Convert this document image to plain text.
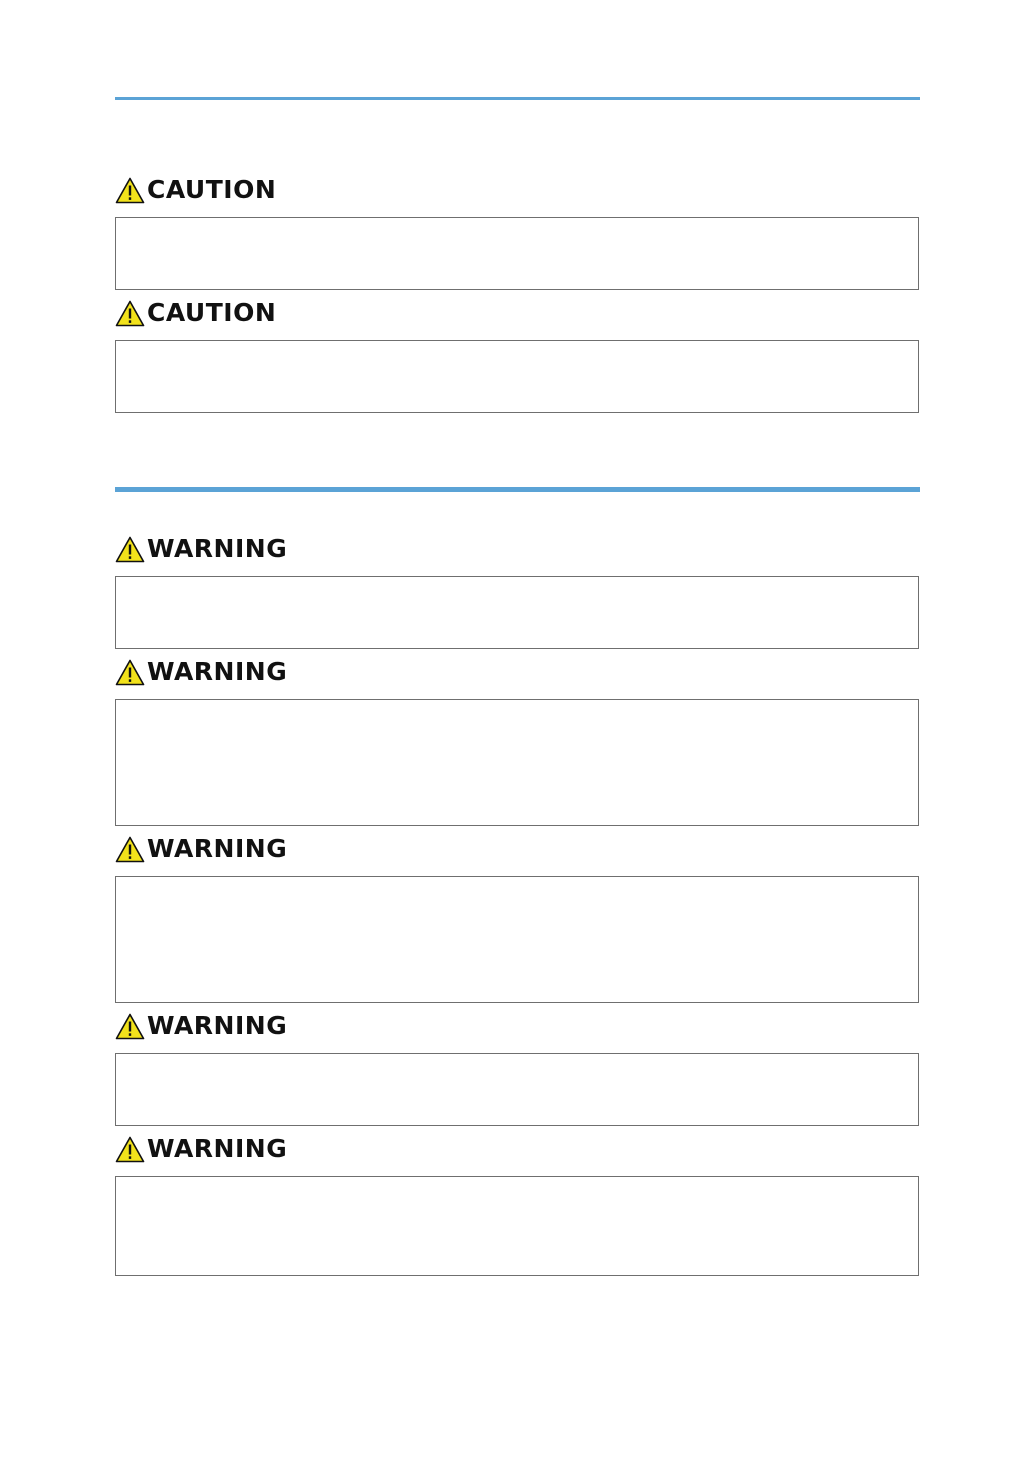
CAUTION
CAUTION
WARNING
WARNING
WARNING
WARNING
WARNING
